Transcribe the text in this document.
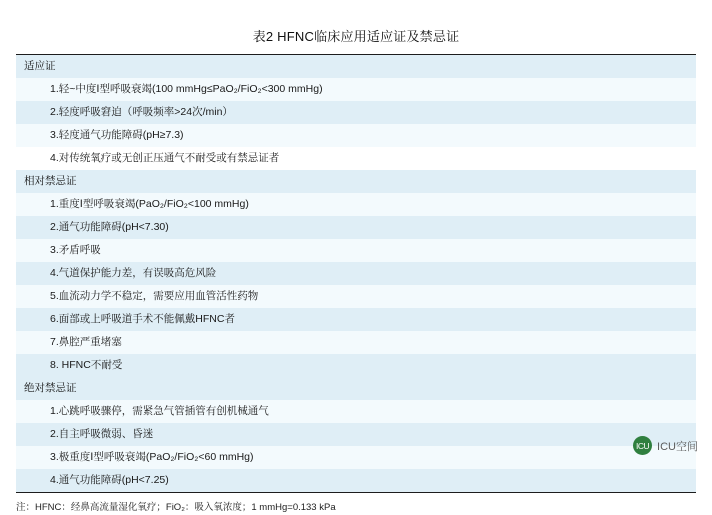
表2 HFNC临床应用适应证及禁忌证
适应证
1.轻~中度Ⅰ型呼吸衰竭(100 mmHg≤PaO₂/FiO₂<300 mmHg)
2.轻度呼吸窘迫（呼吸频率>24次/min）
3.轻度通气功能障碍(pH≥7.3)
4.对传统氧疗或无创正压通气不耐受或有禁忌证者
相对禁忌证
1.重度Ⅰ型呼吸衰竭(PaO₂/FiO₂<100 mmHg)
2.通气功能障碍(pH<7.30)
3.矛盾呼吸
4.气道保护能力差，有误吸高危风险
5.血流动力学不稳定，需要应用血管活性药物
6.面部或上呼吸道手术不能佩戴HFNC者
7.鼻腔严重堵塞
8. HFNC不耐受
绝对禁忌证
1.心跳呼吸骤停，需紧急气管插管有创机械通气
2.自主呼吸微弱、昏迷
3.极重度Ⅰ型呼吸衰竭(PaO₂/FiO₂<60 mmHg)
4.通气功能障碍(pH<7.25)
注：HFNC：经鼻高流量湿化氧疗；FiO₂：吸入氧浓度；1 mmHg=0.133 kPa
ICU ICU空间
